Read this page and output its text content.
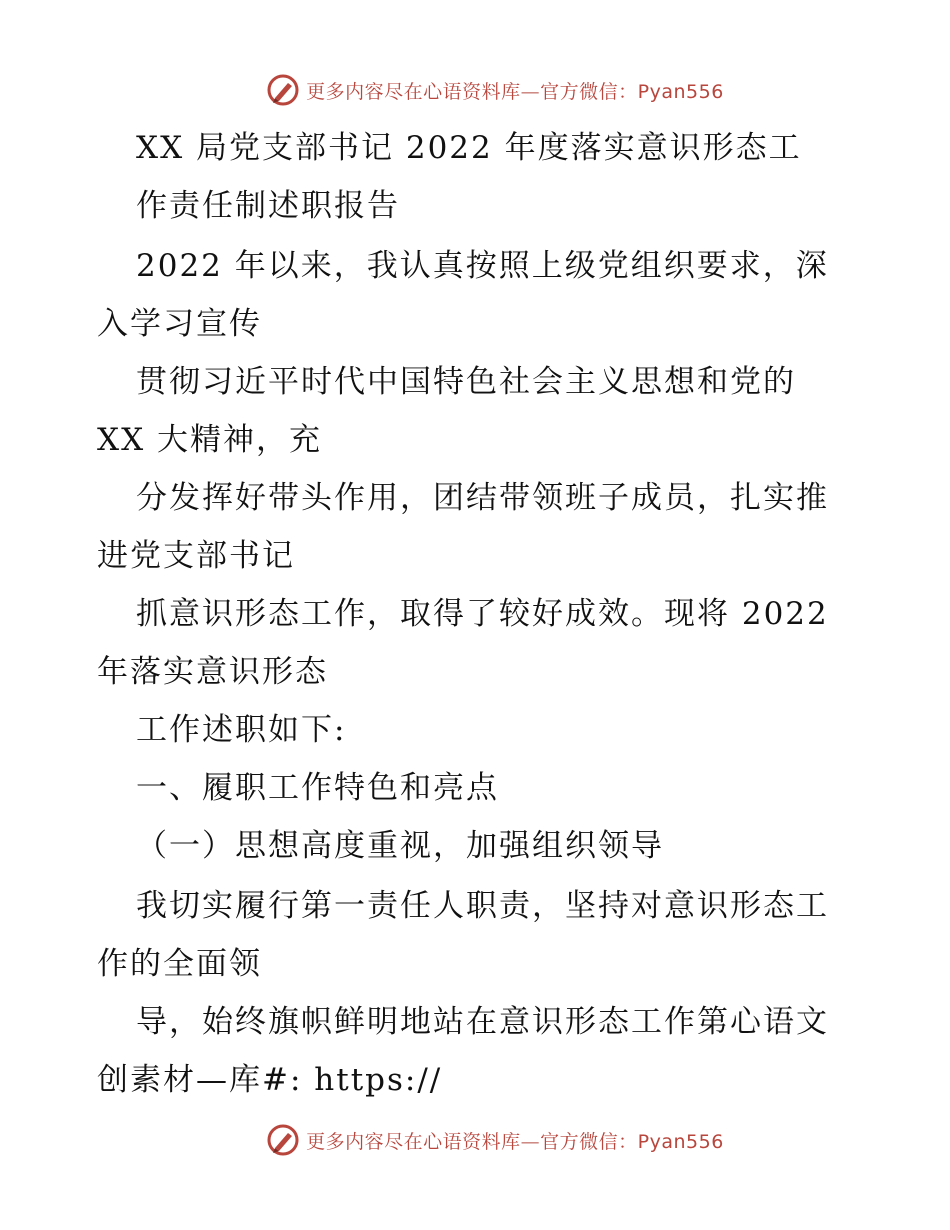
更多内容尽在心语资料库—官方微信：Pyan556
XX 局党支部书记 2022 年度落实意识形态工
作责任制述职报告
2022 年以来，我认真按照上级党组织要求，深
入学习宣传
贯彻习近平时代中国特色社会主义思想和党的
XX 大精神，充
分发挥好带头作用，团结带领班子成员，扎实推
进党支部书记
抓意识形态工作，取得了较好成效。现将 2022
年落实意识形态
工作述职如下:
一、履职工作特色和亮点
（一）思想高度重视，加强组织领导
我切实履行第一责任人职责，坚持对意识形态工
作的全面领
导，始终旗帜鲜明地站在意识形态工作第心语文
创素材—库#: https://
更多内容尽在心语资料库—官方微信：Pyan556
